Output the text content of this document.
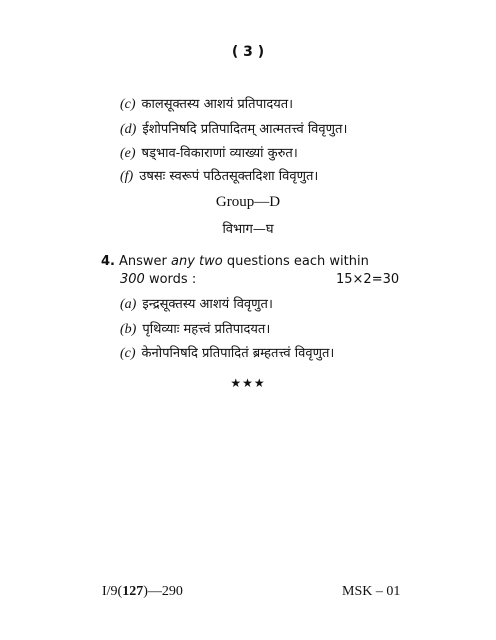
( 3 )
(c) कालसूक्तस्य आशयं प्रतिपादयत।
(d) ईशोपनिषदि प्रतिपादितम् आत्मतत्त्वं विवृणुत।
(e) षड्भाव-विकाराणां व्याख्यां कुरुत।
(f) उषसः स्वरूपं पठितसूक्तदिशा विवृणुत।
Group—D
विभाग—घ
4. Answer any two questions each within
300 words :	15×2=30
(a) इन्द्रसूक्तस्य आशयं विवृणुत।
(b) पृथिव्याः महत्त्वं प्रतिपादयत।
(c) केनोपनिषदि प्रतिपादितं ब्रम्हतत्त्वं विवृणुत।
★★★
I/9(127)—290	MSK – 01
